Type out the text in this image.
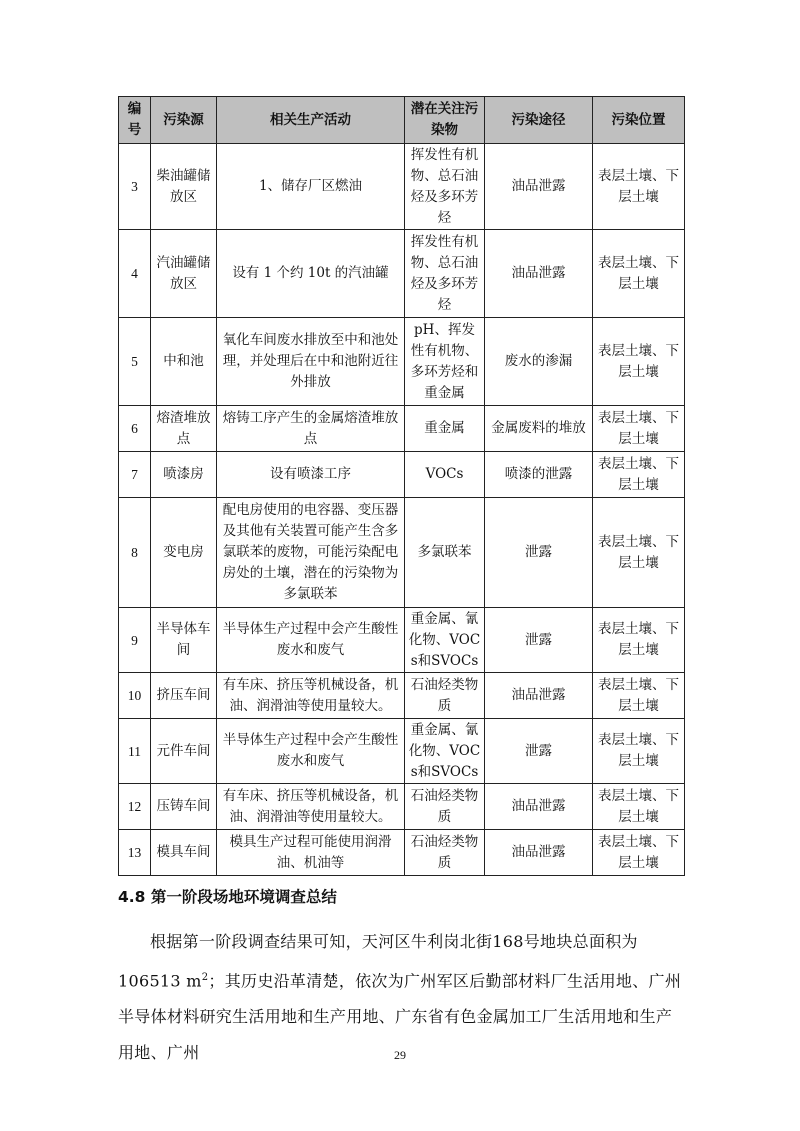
编号	污染源	相关生产活动	潜在关注污染物	污染途径	污染位置
3	柴油罐储放区	1、储存厂区燃油	挥发性有机物、总石油烃及多环芳烃	油品泄露	表层土壤、下层土壤
4	汽油罐储放区	设有 1 个约 10t 的汽油罐	挥发性有机物、总石油烃及多环芳烃	油品泄露	表层土壤、下层土壤
5	中和池	氧化车间废水排放至中和池处理，并处理后在中和池附近往外排放	pH、挥发性有机物、多环芳烃和重金属	废水的渗漏	表层土壤、下层土壤
6	熔渣堆放点	熔铸工序产生的金属熔渣堆放点	重金属	金属废料的堆放	表层土壤、下层土壤
7	喷漆房	设有喷漆工序	VOCs	喷漆的泄露	表层土壤、下层土壤
8	变电房	配电房使用的电容器、变压器及其他有关装置可能产生含多氯联苯的废物，可能污染配电房处的土壤，潜在的污染物为多氯联苯	多氯联苯	泄露	表层土壤、下层土壤
9	半导体车间	半导体生产过程中会产生酸性废水和废气	重金属、氰化物、VOCs和SVOCs	泄露	表层土壤、下层土壤
10	挤压车间	有车床、挤压等机械设备，机油、润滑油等使用量较大。	石油烃类物质	油品泄露	表层土壤、下层土壤
11	元件车间	半导体生产过程中会产生酸性废水和废气	重金属、氰化物、VOCs和SVOCs	泄露	表层土壤、下层土壤
12	压铸车间	有车床、挤压等机械设备，机油、润滑油等使用量较大。	石油烃类物质	油品泄露	表层土壤、下层土壤
13	模具车间	模具生产过程可能使用润滑油、机油等	石油烃类物质	油品泄露	表层土壤、下层土壤
4.8 第一阶段场地环境调查总结

根据第一阶段调查结果可知，天河区牛利岗北街168号地块总面积为106513 $m^2$；其历史沿革清楚，依次为广州军区后勤部材料厂生活用地、广州半导体材料研究生活用地和生产用地、广东省有色金属加工厂生活用地和生产用地、广州	29
